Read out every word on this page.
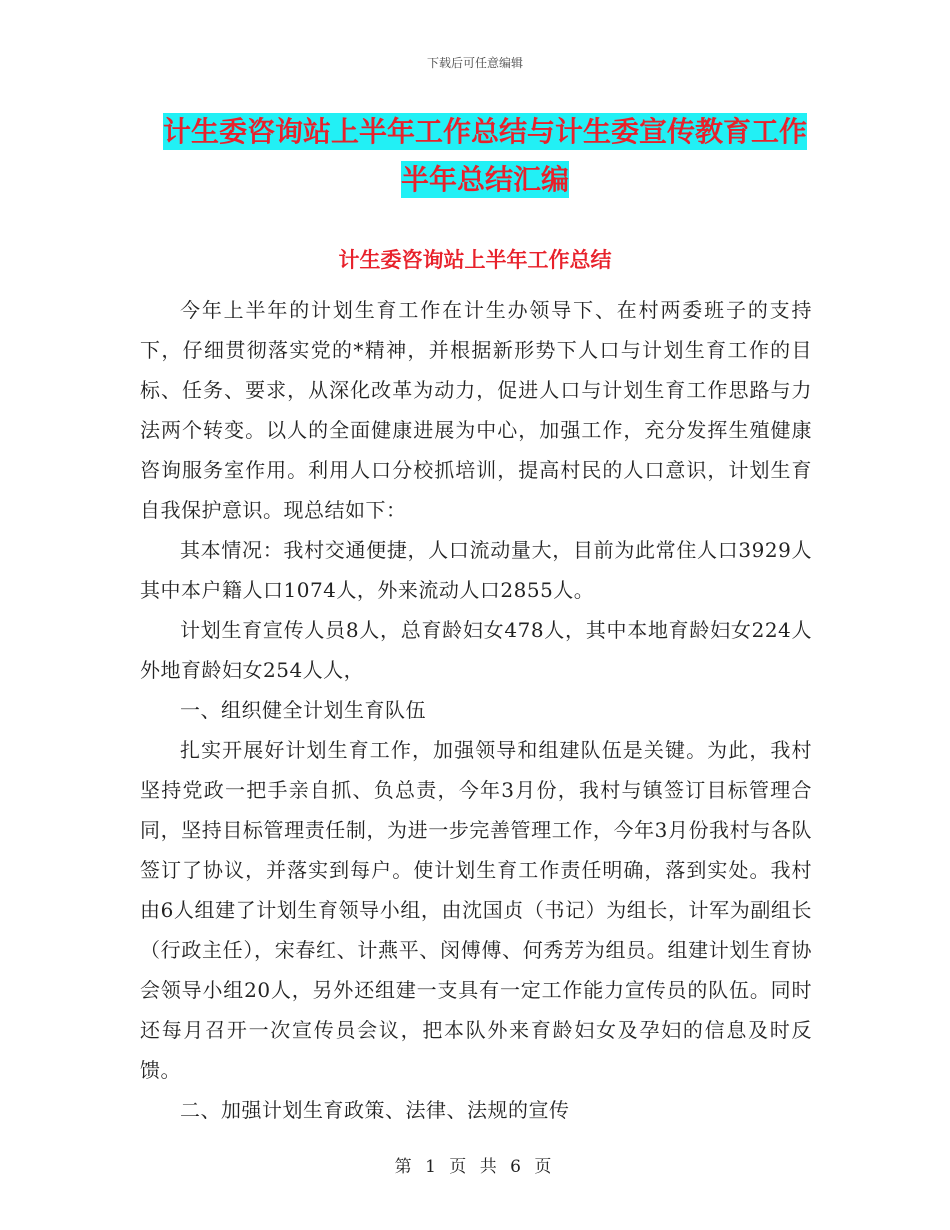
下载后可任意编辑
计生委咨询站上半年工作总结与计生委宣传教育工作
半年总结汇编
计生委咨询站上半年工作总结

今年上半年的计划生育工作在计生办领导下、在村两委班子的支持下，仔细贯彻落实党的*精神，并根据新形势下人口与计划生育工作的目标、任务、要求，从深化改革为动力，促进人口与计划生育工作思路与力法两个转变。以人的全面健康进展为中心，加强工作，充分发挥生殖健康咨询服务室作用。利用人口分校抓培训，提高村民的人口意识，计划生育自我保护意识。现总结如下：

其本情况：我村交通便捷，人口流动量大，目前为此常住人口3929人其中本户籍人口1074人，外来流动人口2855人。

计划生育宣传人员8人，总育龄妇女478人，其中本地育龄妇女224人外地育龄妇女254人人，

一、组织健全计划生育队伍

扎实开展好计划生育工作，加强领导和组建队伍是关键。为此，我村坚持党政一把手亲自抓、负总责，今年3月份，我村与镇签订目标管理合同，坚持目标管理责任制，为进一步完善管理工作，今年3月份我村与各队签订了协议，并落实到每户。使计划生育工作责任明确，落到实处。我村由6人组建了计划生育领导小组，由沈国贞（书记）为组长，计军为副组长（行政主任），宋春红、计燕平、闵傅傅、何秀芳为组员。组建计划生育协会领导小组20人，另外还组建一支具有一定工作能力宣传员的队伍。同时还每月召开一次宣传员会议，把本队外来育龄妇女及孕妇的信息及时反馈。

二、加强计划生育政策、法律、法规的宣传

第 1 页 共 6 页
